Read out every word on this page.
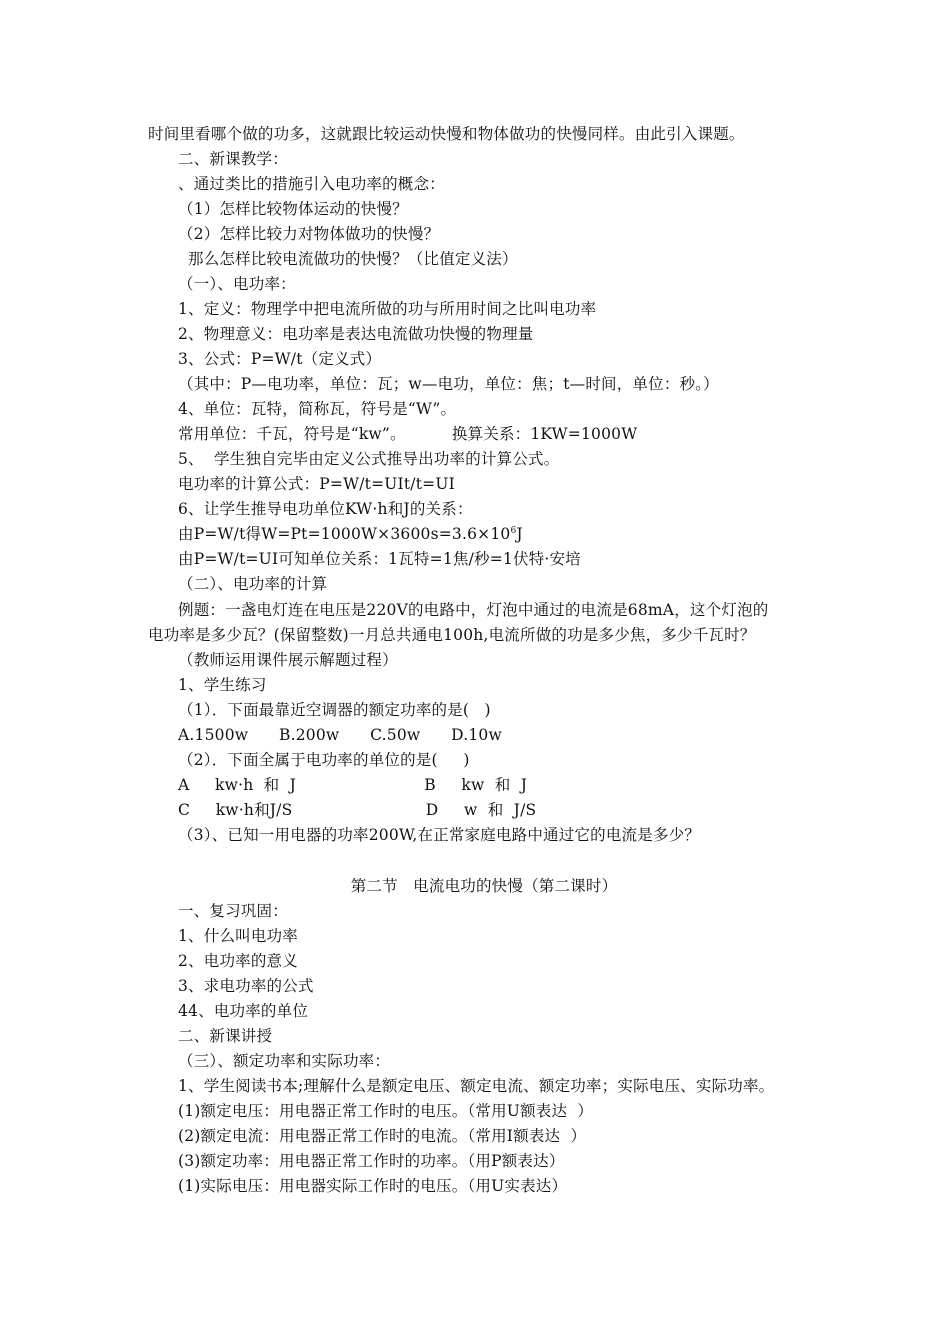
时间里看哪个做的功多，这就跟比较运动快慢和物体做功的快慢同样。由此引入课题。
二、新课教学：
、通过类比的措施引入电功率的概念：
（1）怎样比较物体运动的快慢？
（2）怎样比较力对物体做功的快慢？
那么怎样比较电流做功的快慢？（比值定义法）
（一）、电功率：
1、定义：物理学中把电流所做的功与所用时间之比叫电功率
2、物理意义：电功率是表达电流做功快慢的物理量
3、公式：P=W/t（定义式）
（其中：P—电功率，单位：瓦；w—电功，单位：焦；t—时间，单位：秒。）
4、单位：瓦特，简称瓦，符号是“W”。
常用单位：千瓦，符号是“kw”。         换算关系：1KW=1000W
5、  学生独自完毕由定义公式推导出功率的计算公式。
电功率的计算公式：P=W/t=UIt/t=UI
6、让学生推导电功单位KW·h和J的关系：
由P=W/t得$W=Pt=1000W\times 3600s=3.6\times 10^6J$
由P=W/t=UI可知单位关系：1瓦特=1焦/秒=1伏特·安培
（二）、电功率的计算
例题：一盏电灯连在电压是220V的电路中，灯泡中通过的电流是68mA，这个灯泡的
电功率是多少瓦？(保留整数)一月总共通电100h,电流所做的功是多少焦，多少千瓦时？
（教师运用课件展示解题过程）
1、学生练习
（1）．下面最靠近空调器的额定功率的是(   )
A.1500w      B.200w      C.50w      D.10w
（2）．下面全属于电功率的单位的是(     )
A     kw·h  和  J                         B     kw  和  J
C     kw·h和J/S                          D     w  和  J/S
（3）、已知一用电器的功率200W,在正常家庭电路中通过它的电流是多少？
第二节   电流电功的快慢（第二课时）
一、复习巩固：
1、什么叫电功率
2、电功率的意义
3、求电功率的公式
44、电功率的单位
二、新课讲授
（三）、额定功率和实际功率：
1、学生阅读书本;理解什么是额定电压、额定电流、额定功率；实际电压、实际功率。
(1)额定电压：用电器正常工作时的电压。（常用U额表达  ）
(2)额定电流：用电器正常工作时的电流。（常用I额表达  ）
(3)额定功率：用电器正常工作时的功率。（用P额表达）
(1)实际电压：用电器实际工作时的电压。（用U实表达）
